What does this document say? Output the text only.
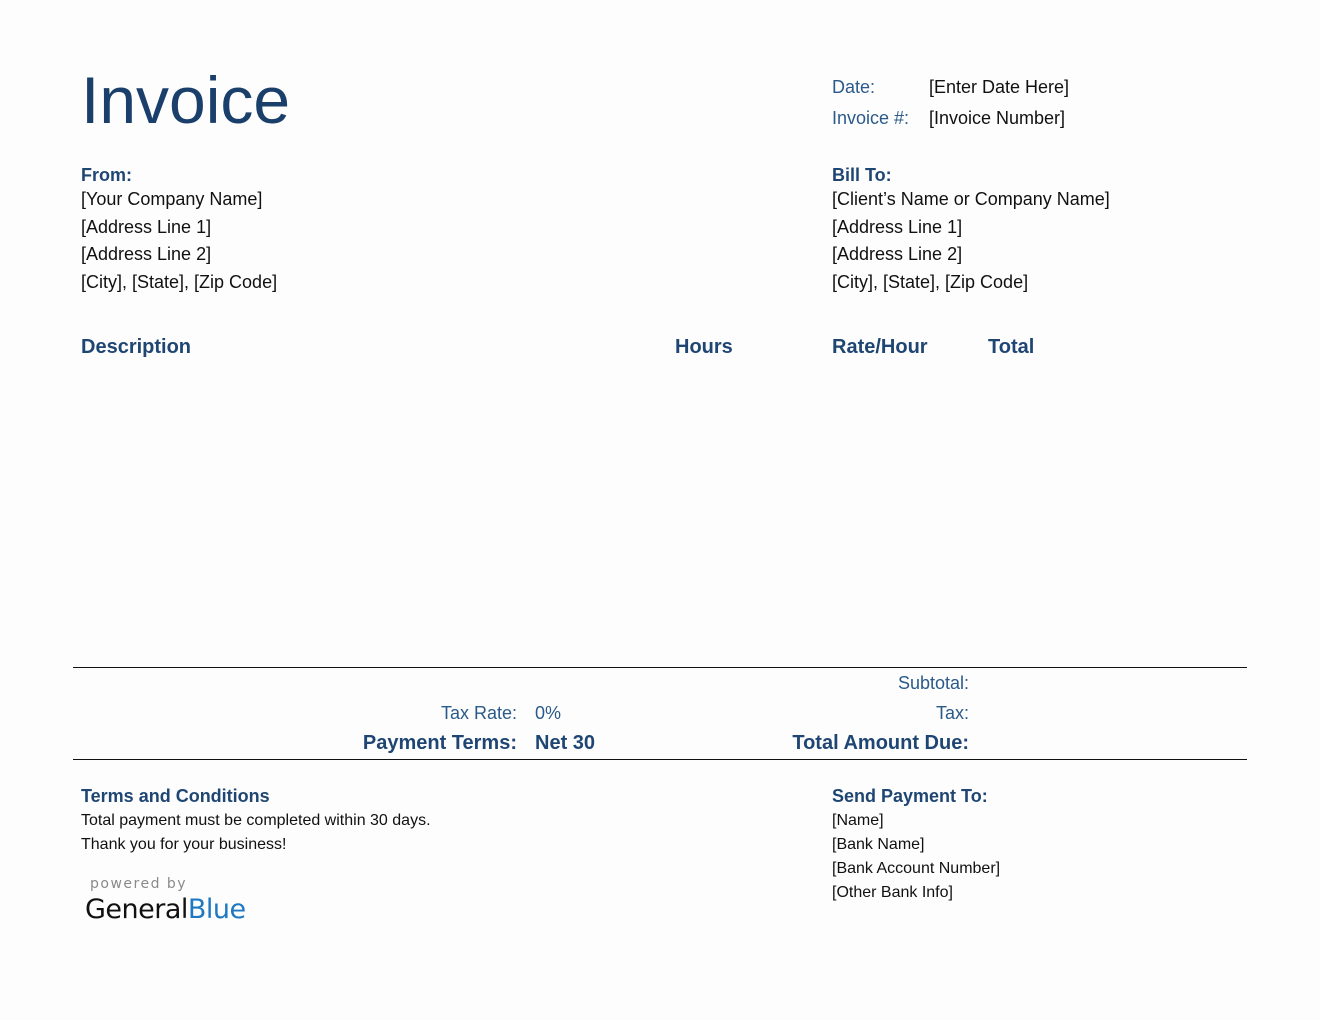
Invoice	Date:	[Enter Date Here]
Invoice #: [Invoice Number]
From:
[Your Company Name]
[Address Line 1]
[Address Line 2]
[City], [State], [Zip Code]
Bill To:
[Client’s Name or Company Name]
[Address Line 1]
[Address Line 2]
[City], [State], [Zip Code]
Description	Hours	Rate/Hour	Total
Subtotal:
Tax Rate: 0%	Tax:
Payment Terms: Net 30	Total Amount Due:
Terms and Conditions
Total payment must be completed within 30 days.
Thank you for your business!
Send Payment To:
[Name]
[Bank Name]
[Bank Account Number]
[Other Bank Info]
powered by
GeneralBlue
